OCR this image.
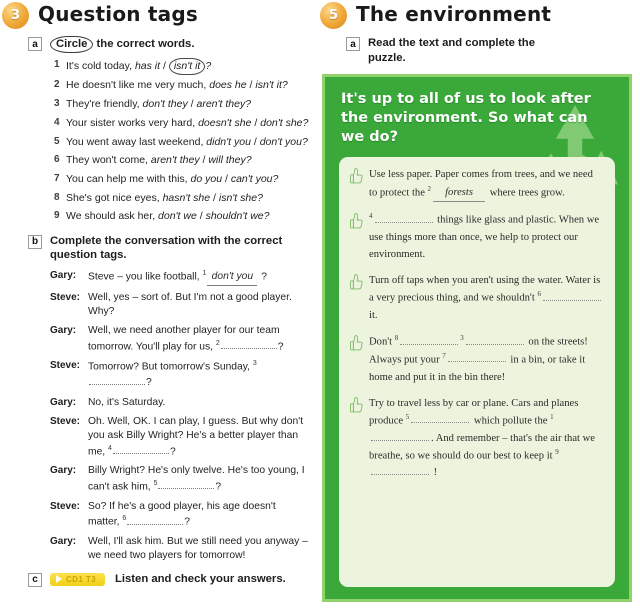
3 Question tags
a	Circle the correct words.
1 It's cold today, has it / isn't it ?
2 He doesn't like me very much, does he / isn't it?
3 They're friendly, don't they / aren't they?
4 Your sister works very hard, doesn't she / don't she?
5 You went away last weekend, didn't you / don't you?
6 They won't come, aren't they / will they?
7 You can help me with this, do you / can't you?
8 She's got nice eyes, hasn't she / isn't she?
9 We should ask her, don't we / shouldn't we?
b	Complete the conversation with the correct question tags.
Gary:	Steve – you like football, $^1$ don't you ?
Steve: Well, yes – sort of. But I'm not a good player. Why?
Gary:	Well, we need another player for our team tomorrow. You'll play for us, $^2$	?
Steve: Tomorrow? But tomorrow's Sunday, $^3$?
Gary:	No, it's Saturday.
Steve: Oh. Well, OK. I can play, I guess. But why don't you ask Billy Wright? He's a better player than me, $^4$	?
Gary:	Billy Wright? He's only twelve. He's too young, I can't ask him, $^5$	?
Steve: So? If he's a good player, his age doesn't matter, $^6$	?
Gary:	Well, I'll ask him. But we still need you anyway – we need two players for tomorrow!
c	CD1 T3 Listen and check your answers.
5 The environment
a	Read the text and complete the puzzle.
It's up to all of us to look after the environment. So what can we do?
Use less paper. Paper comes from trees, and we need to protect the $^2$ forests where trees grow.
$^4$	things like glass and plastic. When we use things more than once, we help to protect our environment.
Turn off taps when you aren't using the water. Water is a very precious thing, and we shouldn't $^6$ it.
Don't $^8$	$^3$	on the streets! Always put your $^7$	in a bin, or take it home and put it in the bin there!
Try to travel less by car or plane. Cars and planes produce $^5$	which pollute the $^1$. And remember – that's the air that we breathe, so we should do our best to keep it $^9$ !
